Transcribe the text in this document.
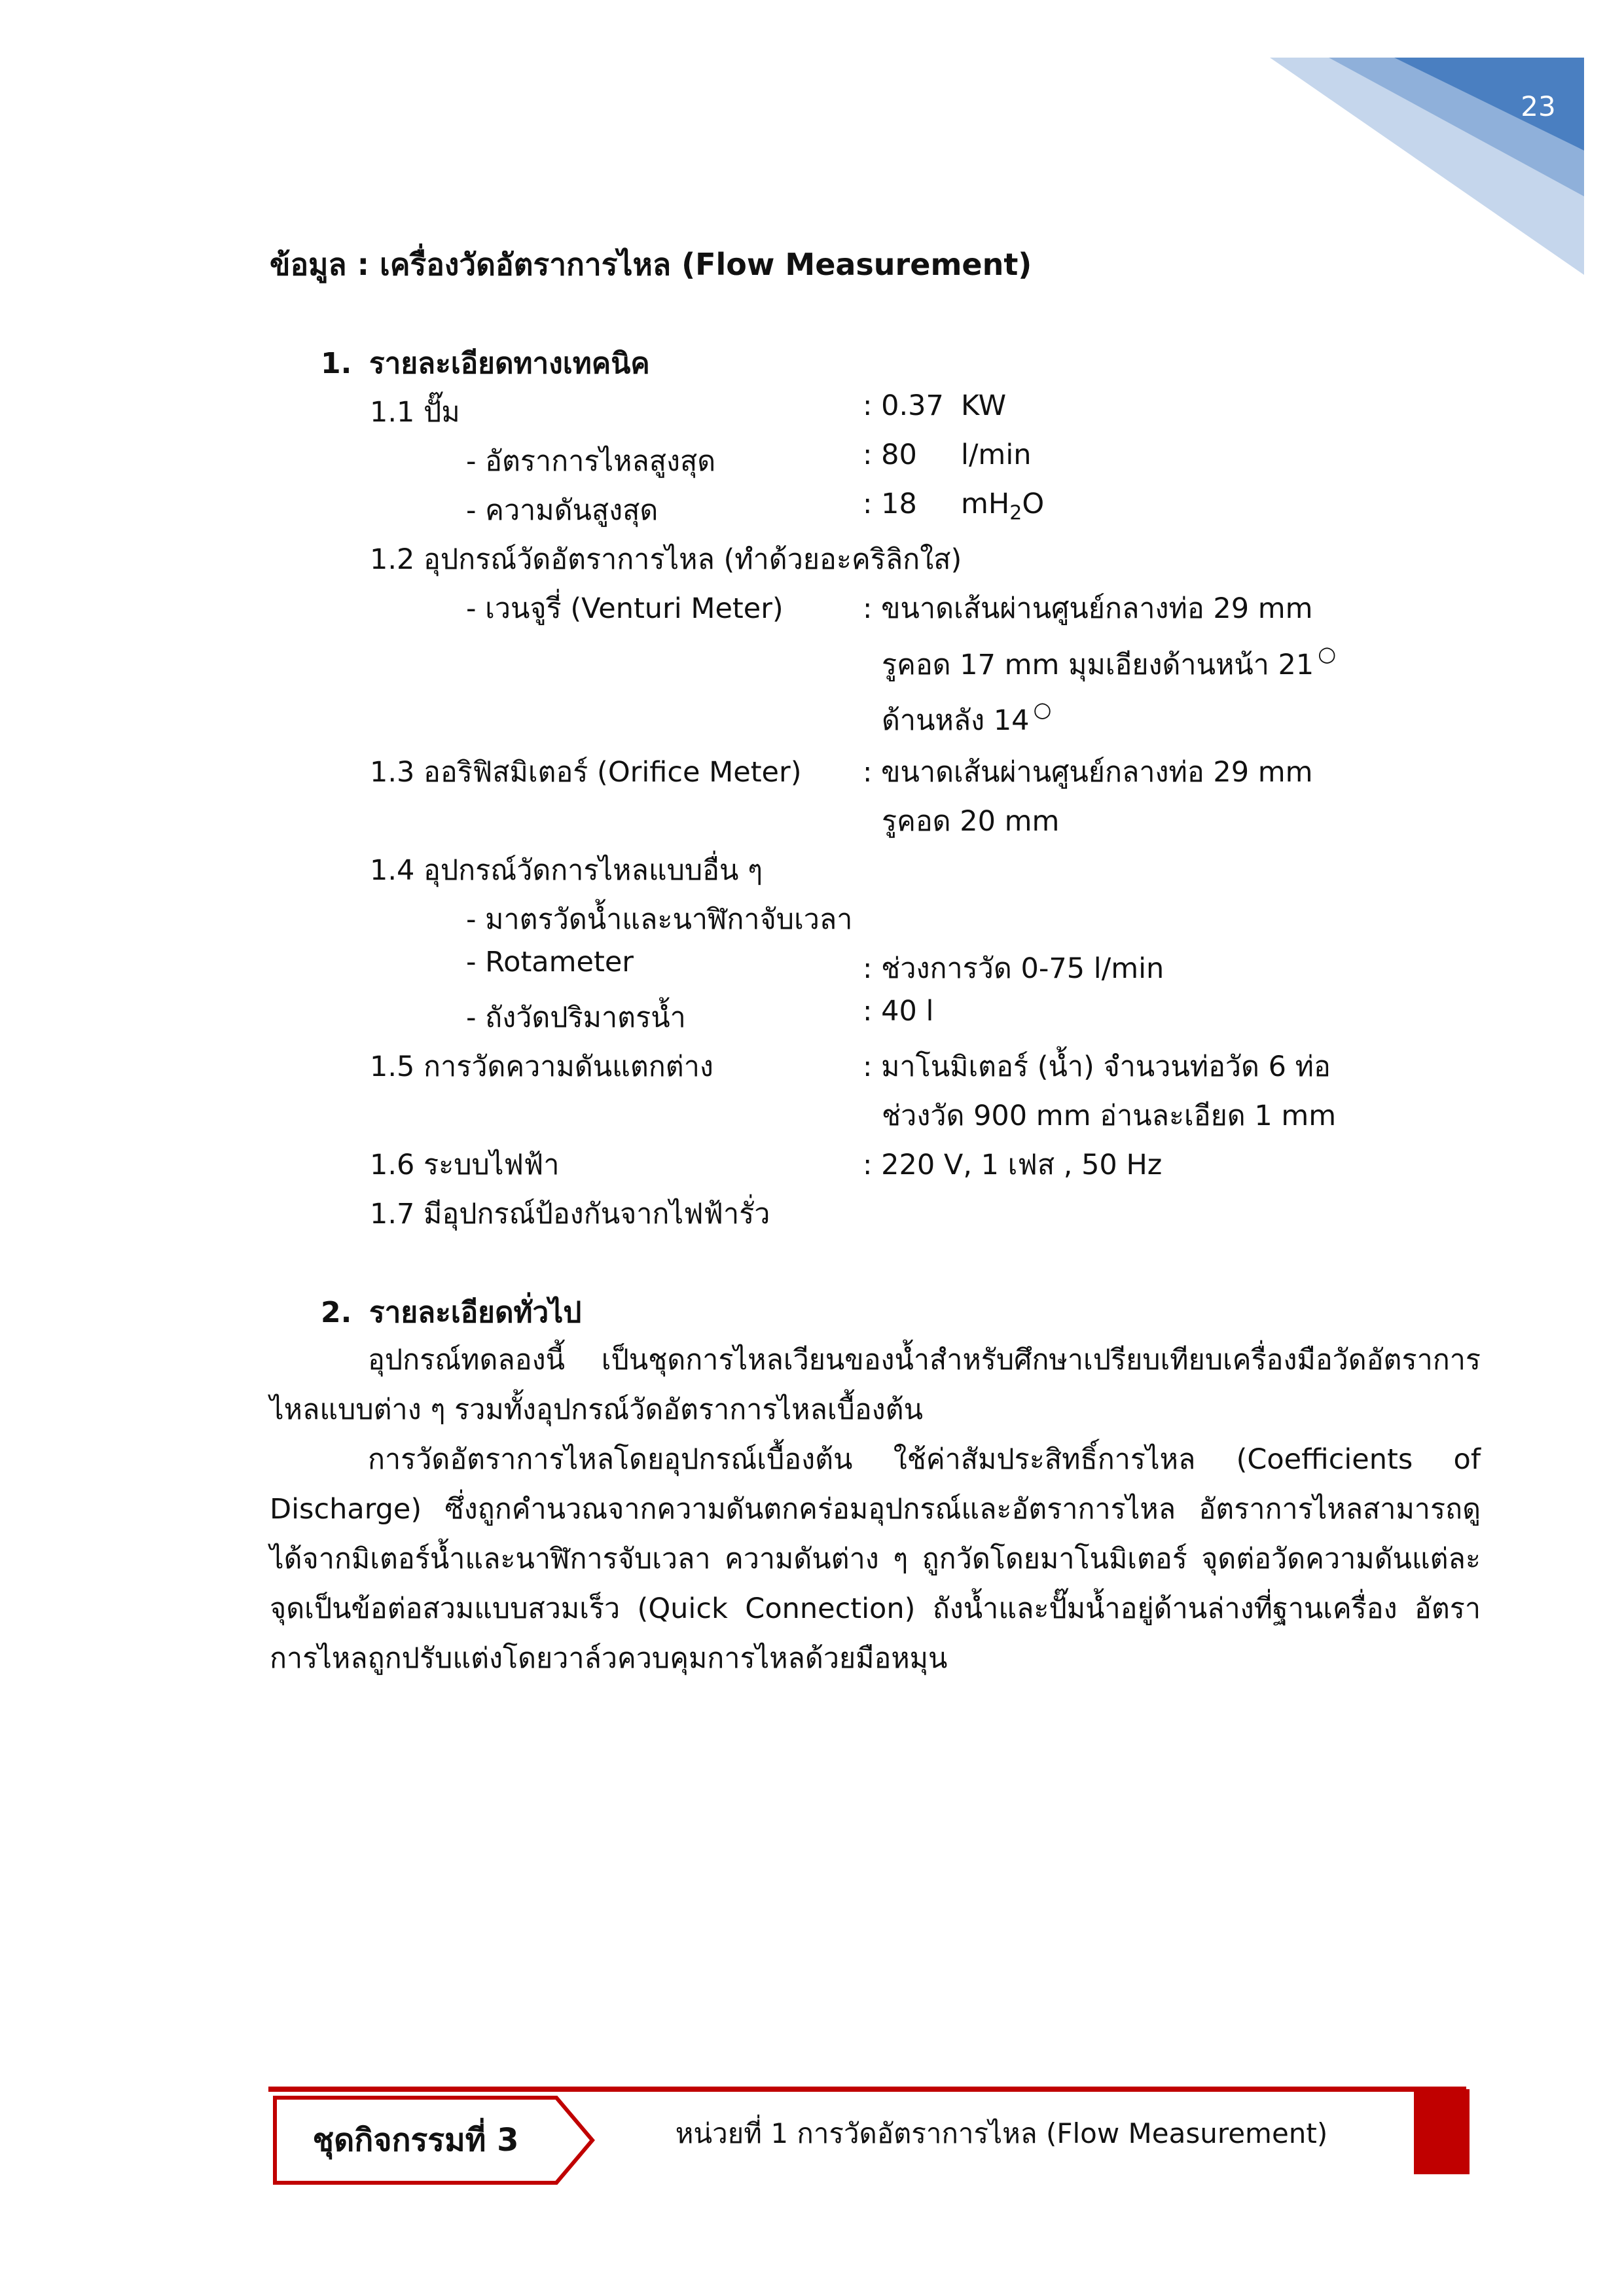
23
ข้อมูล : เครื่องวัดอัตราการไหล (Flow Measurement)
1. รายละเอียดทางเทคนิค
1.1 ปั๊ม	: 0.37 KW
- อัตราการไหลสูงสุด	: 80 l/min
- ความดันสูงสุด	: 18 $mH_2O$
1.2 อุปกรณ์วัดอัตราการไหล (ทำด้วยอะคริลิกใส)
- เวนจูรี่ (Venturi Meter)	: ขนาดเส้นผ่านศูนย์กลางท่อ 29 mm
รูคอด 17 mm มุมเอียงด้านหน้า 21 ○
ด้านหลัง 14 ○
1.3 ออริฟิสมิเตอร์ (Orifice Meter) : ขนาดเส้นผ่านศูนย์กลางท่อ 29 mm
รูคอด 20 mm
1.4 อุปกรณ์วัดการไหลแบบอื่น ๆ
- มาตรวัดน้ำและนาฬิกาจับเวลา
- Rotameter	: ช่วงการวัด 0-75 l/min
- ถังวัดปริมาตรน้ำ	: 40 l
1.5 การวัดความดันแตกต่าง	: มาโนมิเตอร์ (น้ำ) จำนวนท่อวัด 6 ท่อ
ช่วงวัด 900 mm อ่านละเอียด 1 mm
1.6 ระบบไฟฟ้า	: 220 V, 1 เฟส , 50 Hz
1.7 มีอุปกรณ์ป้องกันจากไฟฟ้ารั่ว
2. รายละเอียดทั่วไป

อุปกรณ์ทดลองนี้ เป็นชุดการไหลเวียนของน้ำสำหรับศึกษาเปรียบเทียบเครื่องมือวัดอัตราการไหลแบบต่าง ๆ รวมทั้งอุปกรณ์วัดอัตราการไหลเบื้องต้น

การวัดอัตราการไหลโดยอุปกรณ์เบื้องต้น ใช้ค่าสัมประสิทธิ์การไหล (Coefficients of Discharge) ซึ่งถูกคำนวณจากความดันตกคร่อมอุปกรณ์และอัตราการไหล อัตราการไหลสามารถดูได้จากมิเตอร์น้ำและนาฬิการจับเวลา ความดันต่าง ๆ ถูกวัดโดยมาโนมิเตอร์ จุดต่อวัดความดันแต่ละจุดเป็นข้อต่อสวมแบบสวมเร็ว (Quick Connection) ถังน้ำและปั๊มน้ำอยู่ด้านล่างที่ฐานเครื่อง อัตราการไหลถูกปรับแต่งโดยวาล์วควบคุมการไหลด้วยมือหมุน

ชุดกิจกรรมที่ 3	หน่วยที่ 1 การวัดอัตราการไหล (Flow Measurement)
